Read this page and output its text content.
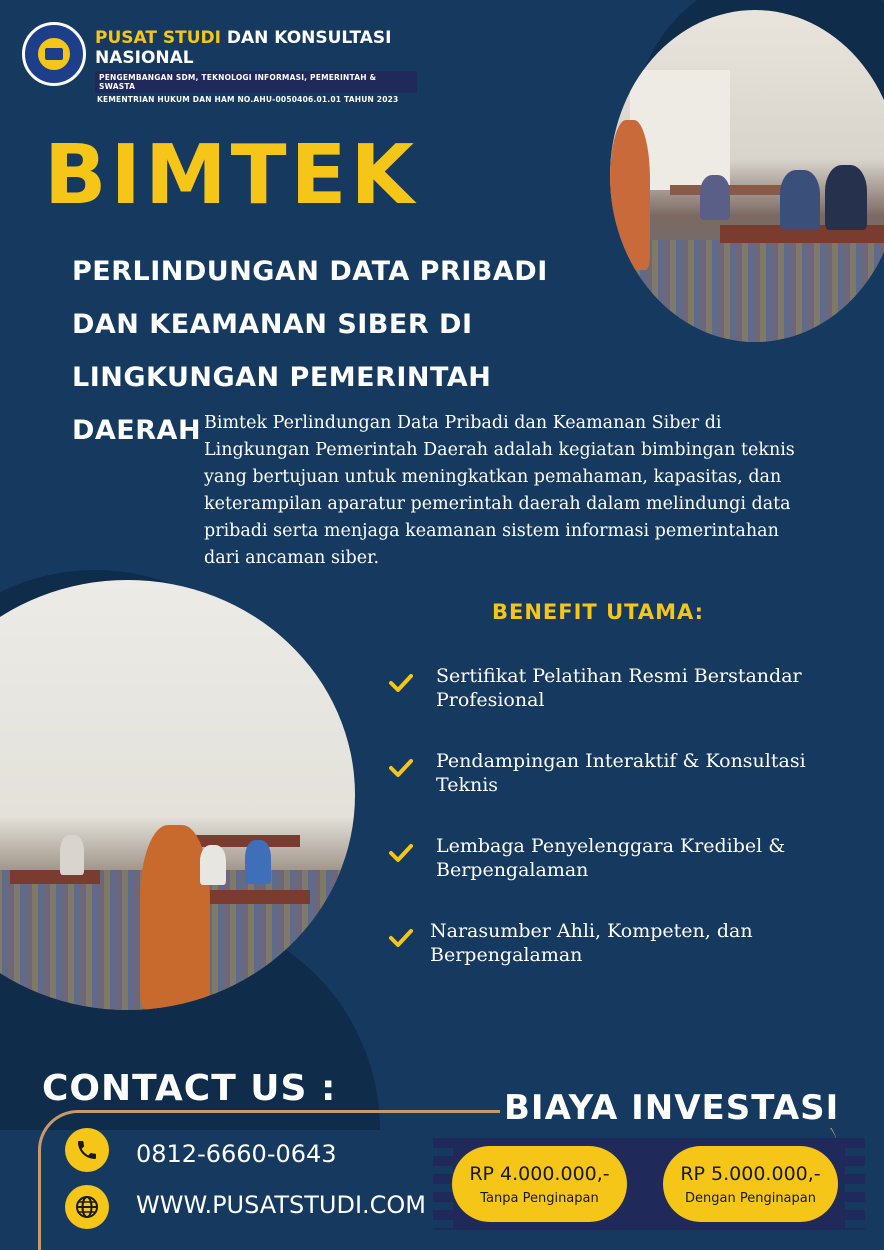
PUSAT STUDI DAN KONSULTASI NASIONAL
PENGEMBANGAN SDM, TEKNOLOGI INFORMASI, PEMERINTAH & SWASTA
KEMENTRIAN HUKUM DAN HAM NO.AHU-0050406.01.01 TAHUN 2023
BIMTEK
PERLINDUNGAN DATA PRIBADI DAN KEAMANAN SIBER DI LINGKUNGAN PEMERINTAH DAERAH Bimtek Perlindungan Data Pribadi dan Keamanan Siber di Lingkungan Pemerintah Daerah adalah kegiatan bimbingan teknis yang bertujuan untuk meningkatkan pemahaman, kapasitas, dan keterampilan aparatur pemerintah daerah dalam melindungi data pribadi serta menjaga keamanan sistem informasi pemerintahan dari ancaman siber.
BENEFIT UTAMA:
Sertifikat Pelatihan Resmi Berstandar Profesional
Pendampingan Interaktif & Konsultasi Teknis
Lembaga Penyelenggara Kredibel & Berpengalaman
Narasumber Ahli, Kompeten, dan Berpengalaman
CONTACT US :
0812-6660-0643
WWW.PUSATSTUDI.COM
BIAYA INVESTASI
RP 4.000.000,-
Tanpa Penginapan
RP 5.000.000,-
Dengan Penginapan
